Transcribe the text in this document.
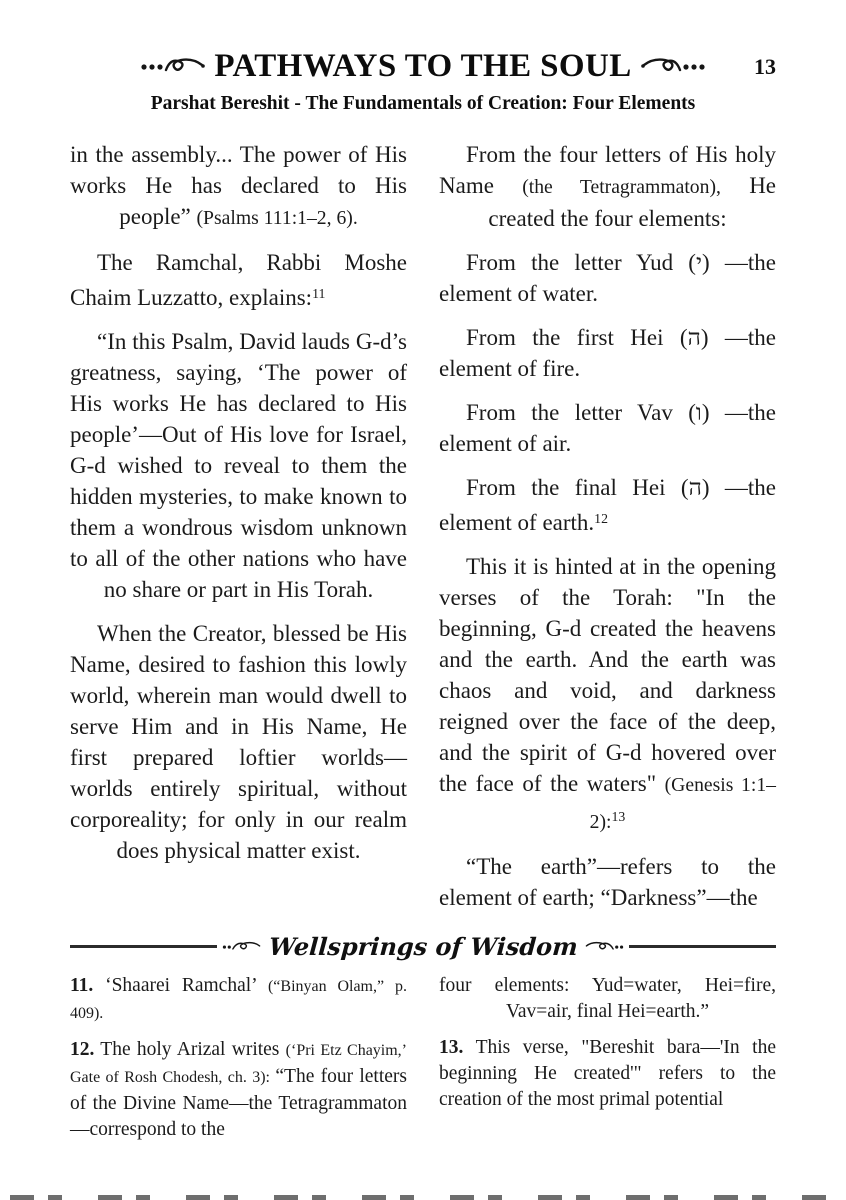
PATHWAYS TO THE SOUL	13
Parshat Bereshit - The Fundamentals of Creation: Four Elements

in the assembly... The power of His works He has declared to His people” (Psalms 111:1–2, 6).

The Ramchal, Rabbi Moshe Chaim Luzzatto, explains:$^{11}$

“In this Psalm, David lauds G-d’s greatness, saying, ‘The power of His works He has declared to His people’—Out of His love for Israel, G-d wished to reveal to them the hidden mysteries, to make known to them a wondrous wisdom unknown to all of the other nations who have no share or part in His Torah.

When the Creator, blessed be His Name, desired to fashion this lowly world, wherein man would dwell to serve Him and in His Name, He first prepared loftier worlds—worlds entirely spiritual, without corporeality; for only in our realm does physical matter exist.

From the four letters of His holy Name (the Tetragrammaton), He created the four elements:

From the letter Yud (י) —the element of water.

From the first Hei (ה) —the element of fire.

From the letter Vav (ו) —the element of air.

From the final Hei (ה) —the element of earth.$^{12}$

This it is hinted at in the opening verses of the Torah: "In the beginning, G-d created the heavens and the earth. And the earth was chaos and void, and darkness reigned over the face of the deep, and the spirit of G-d hovered over the face of the waters" (Genesis 1:1–2):$^{13}$

“The earth”—refers to the element of earth; “Darkness”—the

Wellsprings of Wisdom

11. ‘Shaarei Ramchal’ (“Binyan Olam,” p. 409).

12. The holy Arizal writes (‘Pri Etz Chayim,’ Gate of Rosh Chodesh, ch. 3): “The four letters of the Divine Name—the Tetragrammaton—correspond to the

four elements: Yud=water, Hei=fire, Vav=air, final Hei=earth.”

13. This verse, "Bereshit bara—'In the beginning He created'" refers to the creation of the most primal potential
